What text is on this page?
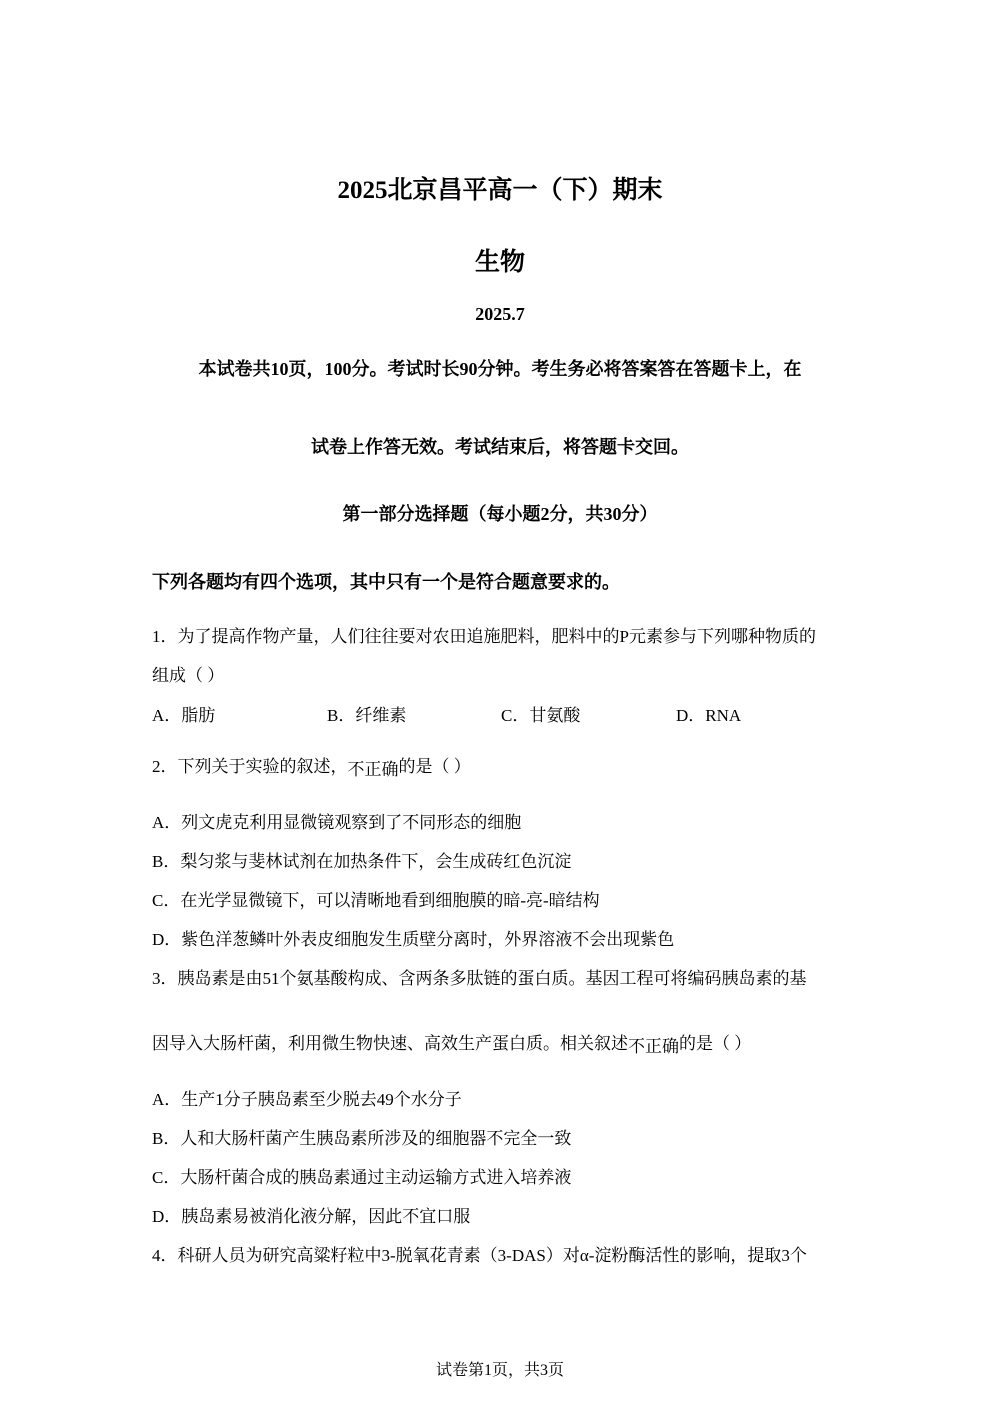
2025北京昌平高一（下）期末
生物
2025.7
本试卷共10页，100分。考试时长90分钟。考生务必将答案答在答题卡上，在
试卷上作答无效。考试结束后，将答题卡交回。
第一部分选择题（每小题2分，共30分）
下列各题均有四个选项，其中只有一个是符合题意要求的。
1．为了提高作物产量，人们往往要对农田追施肥料，肥料中的P元素参与下列哪种物质的
组成（ ）
A．脂肪	B．纤维素	C．甘氨酸	D．RNA
2．下列关于实验的叙述，不正确的是（ ）
A．列文虎克利用显微镜观察到了不同形态的细胞
B．梨匀浆与斐林试剂在加热条件下，会生成砖红色沉淀
C．在光学显微镜下，可以清晰地看到细胞膜的暗-亮-暗结构
D．紫色洋葱鳞叶外表皮细胞发生质壁分离时，外界溶液不会出现紫色
3．胰岛素是由51个氨基酸构成、含两条多肽链的蛋白质。基因工程可将编码胰岛素的基
因导入大肠杆菌，利用微生物快速、高效生产蛋白质。相关叙述不正确的是（ ）
A．生产1分子胰岛素至少脱去49个水分子
B．人和大肠杆菌产生胰岛素所涉及的细胞器不完全一致
C．大肠杆菌合成的胰岛素通过主动运输方式进入培养液
D．胰岛素易被消化液分解，因此不宜口服
4．科研人员为研究高粱籽粒中3-脱氧花青素（3-DAS）对α-淀粉酶活性的影响，提取3个
试卷第1页，共3页
